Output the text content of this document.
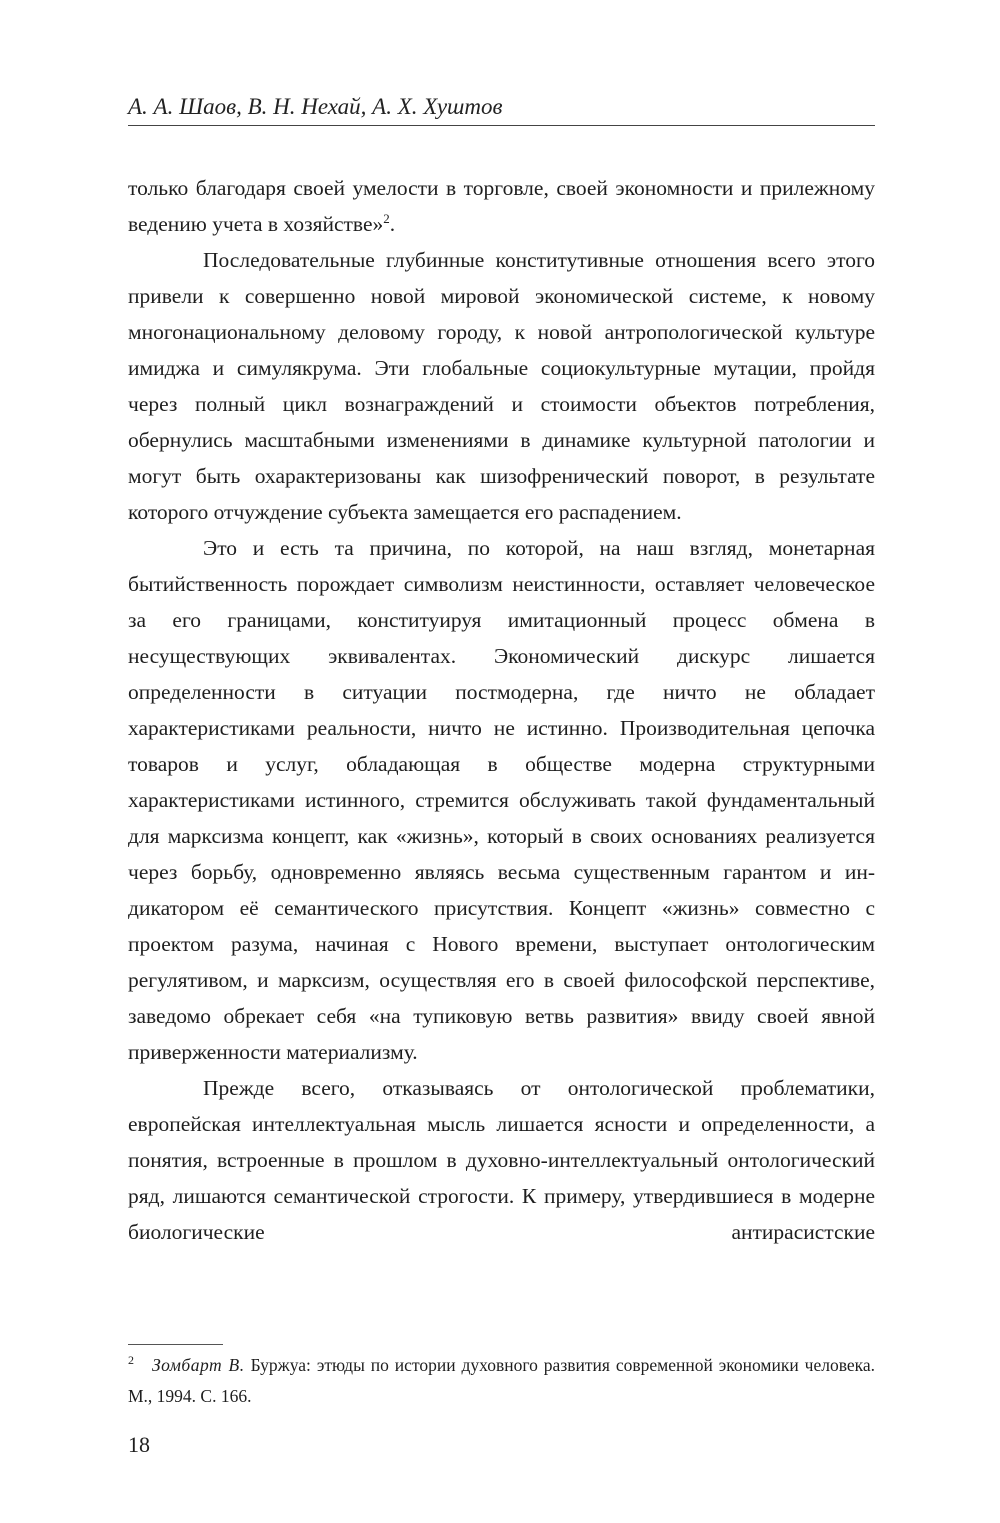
А. А. Шаов, В. Н. Нехай, А. Х. Хуштов

только благодаря своей умелости в торговле, своей экономности и прилежному ведению учета в хозяйстве»$^2$.

Последовательные глубинные конститутивные отношения всего этого привели к совершенно новой мировой экономической системе, к новому многонациональному деловому городу, к новой антропологической культуре имиджа и симулякрума. Эти глобальные социокультурные мутации, пройдя через полный цикл вознаграждений и стоимости объектов потребления, обернулись масштабными изменениями в динамике культурной патологии и могут быть охарактеризованы как шизофренический поворот, в результате которого отчуждение субъекта замещается его распадением.

Это и есть та причина, по которой, на наш взгляд, монетарная бытийственность порождает символизм неистинности, оставляет человеческое за его границами, конституируя имитационный процесс обмена в несуществующих эквивалентах. Экономический дискурс лишается определенности в ситуации постмодерна, где ничто не обладает характеристиками реальности, ничто не истинно. Производительная цепочка товаров и услуг, обладающая в обществе модерна структурными характеристиками истинного, стремится обслуживать такой фундаментальный для марксизма концепт, как «жизнь», который в своих основаниях реализуется через борьбу, одновременно являясь весьма существенным гарантом и индикатором её семантического присутствия. Концепт «жизнь» совместно с проектом разума, начиная с Нового времени, выступает онтологическим регулятивом, и марксизм, осуществляя его в своей философской перспективе, заведомо обрекает себя «на тупиковую ветвь развития» ввиду своей явной приверженности материализму.

Прежде всего, отказываясь от онтологической проблематики, европейская интеллектуальная мысль лишается ясности и определенности, а понятия, встроенные в прошлом в духовно-интеллектуальный онтологический ряд, лишаются семантической строгости. К примеру, утвердившиеся в модерне биологические антирасистские

$^2$ Зомбарт В. Буржуа: этюды по истории духовного развития современной экономики человека. М., 1994. С. 166.
18
